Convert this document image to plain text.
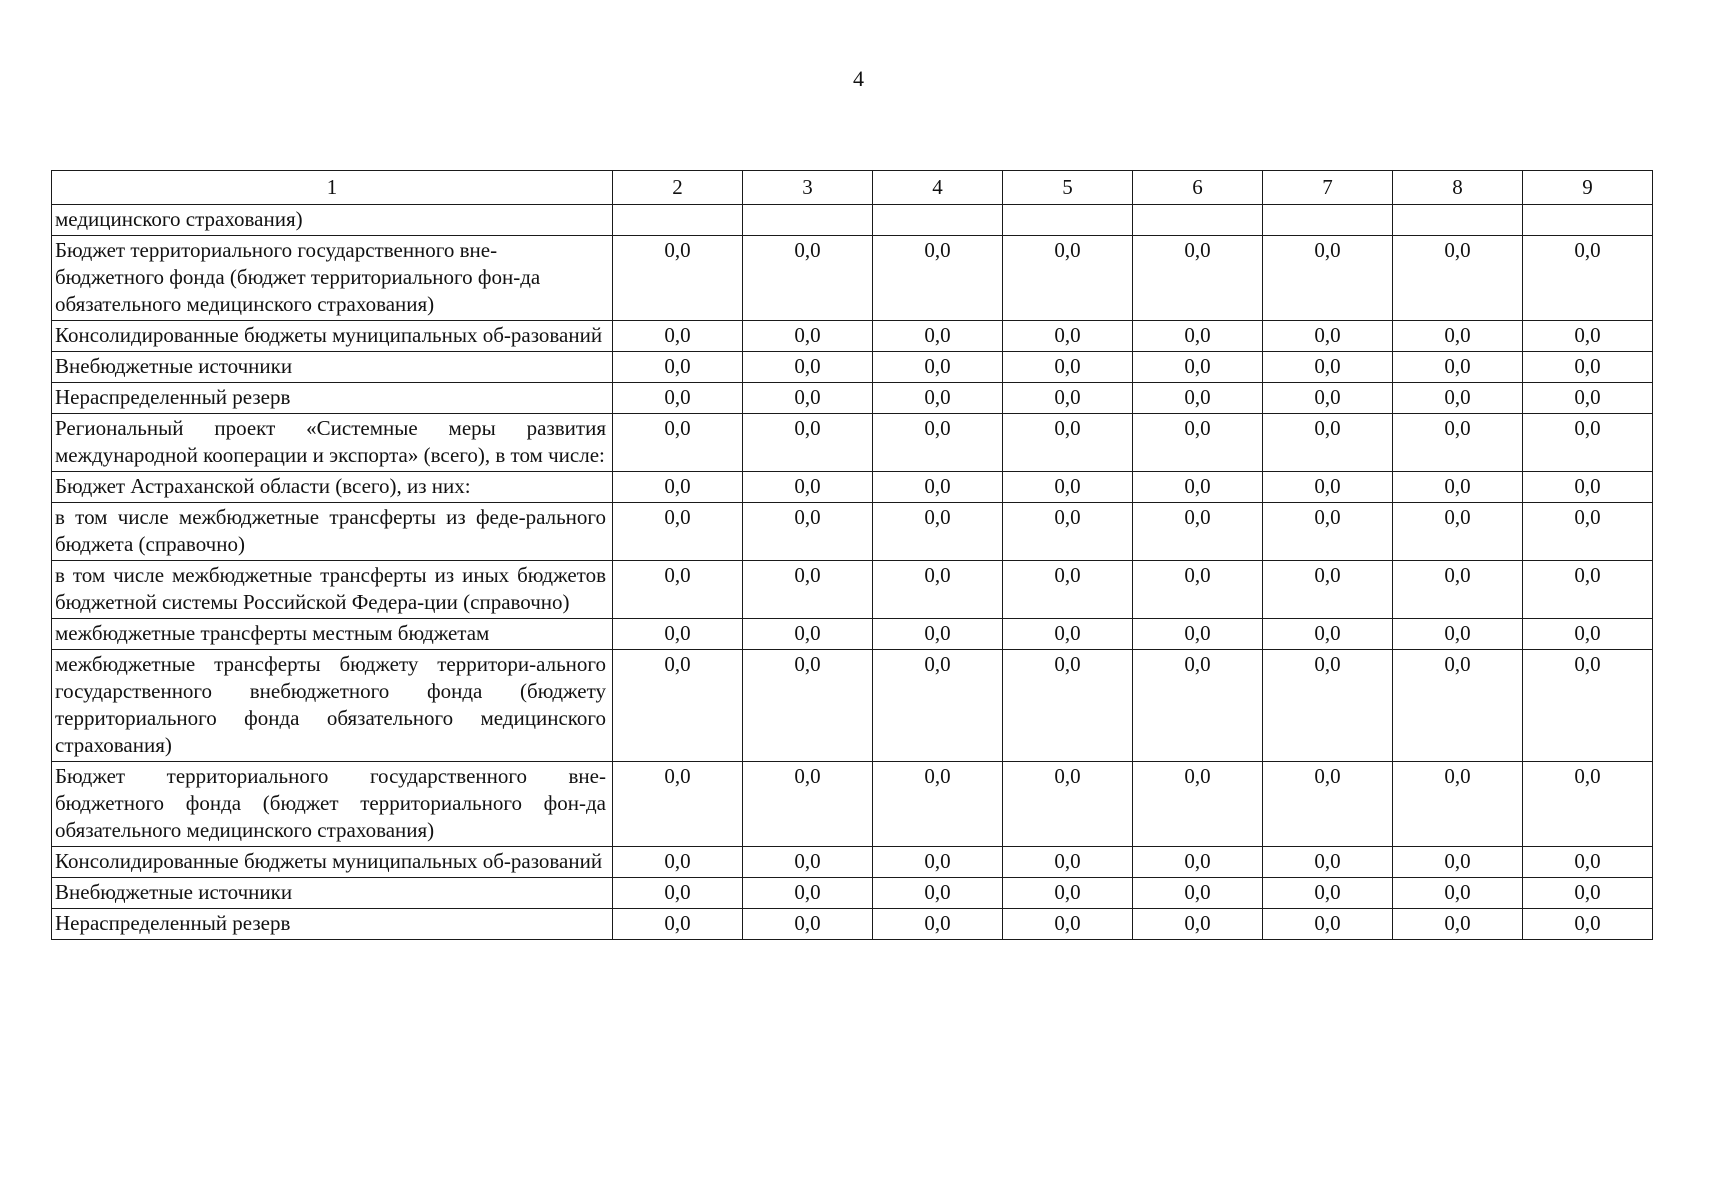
4
1	2	3	4	5	6	7	8	9
медицинского страхования)								
Бюджет территориального государственного вне-бюджетного фонда (бюджет территориального фон-да обязательного медицинского страхования)	0,0	0,0	0,0	0,0	0,0	0,0	0,0	0,0
Консолидированные бюджеты муниципальных об-разований	0,0	0,0	0,0	0,0	0,0	0,0	0,0	0,0
Внебюджетные источники	0,0	0,0	0,0	0,0	0,0	0,0	0,0	0,0
Нераспределенный резерв	0,0	0,0	0,0	0,0	0,0	0,0	0,0	0,0
Региональный проект «Системные меры развития международной кооперации и экспорта» (всего), в том числе:	0,0	0,0	0,0	0,0	0,0	0,0	0,0	0,0
Бюджет Астраханской области (всего), из них:	0,0	0,0	0,0	0,0	0,0	0,0	0,0	0,0
в том числе межбюджетные трансферты из феде-рального бюджета (справочно)	0,0	0,0	0,0	0,0	0,0	0,0	0,0	0,0
в том числе межбюджетные трансферты из иных бюджетов бюджетной системы Российской Федера-ции (справочно)	0,0	0,0	0,0	0,0	0,0	0,0	0,0	0,0
межбюджетные трансферты местным бюджетам	0,0	0,0	0,0	0,0	0,0	0,0	0,0	0,0
межбюджетные трансферты бюджету территори-ального государственного внебюджетного фонда (бюджету территориального фонда обязательного медицинского страхования)	0,0	0,0	0,0	0,0	0,0	0,0	0,0	0,0
Бюджет территориального государственного вне-бюджетного фонда (бюджет территориального фон-да обязательного медицинского страхования)	0,0	0,0	0,0	0,0	0,0	0,0	0,0	0,0
Консолидированные бюджеты муниципальных об-разований	0,0	0,0	0,0	0,0	0,0	0,0	0,0	0,0
Внебюджетные источники	0,0	0,0	0,0	0,0	0,0	0,0	0,0	0,0
Нераспределенный резерв	0,0	0,0	0,0	0,0	0,0	0,0	0,0	0,0
